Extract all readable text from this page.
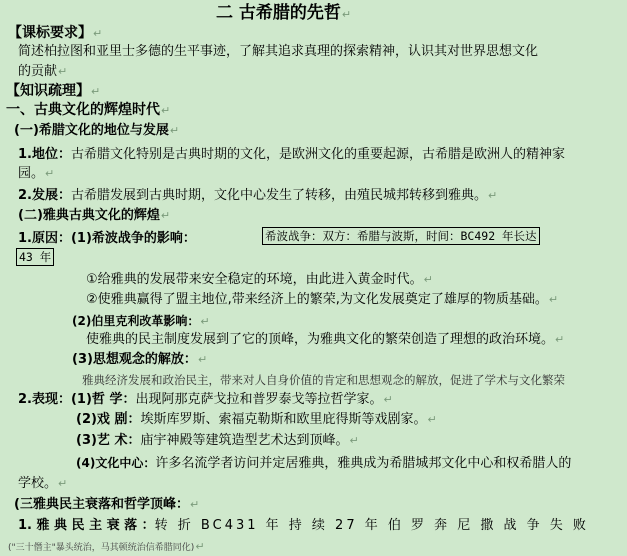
二 古希腊的先哲↵
【课标要求】↵
简述柏拉图和亚里士多德的生平事迹，了解其追求真理的探索精神，认识其对世界思想文化
的贡献↵
【知识疏理】↵
一、古典文化的辉煌时代↵
(一)希腊文化的地位与发展↵
1.地位：古希腊文化特别是古典时期的文化，是欧洲文化的重要起源，古希腊是欧洲人的精神家
园。↵
2.发展：古希腊发展到古典时期，文化中心发生了转移，由殖民城邦转移到雅典。↵
(二)雅典古典文化的辉煌↵
1.原因：(1)希波战争的影响：	希波战争：双方：希腊与波斯，时间：BC492 年长达
43 年
①给雅典的发展带来安全稳定的环境，由此进入黄金时代。↵
②使雅典赢得了盟主地位,带来经济上的繁荣,为文化发展奠定了雄厚的物质基础。↵
(2)伯里克利改革影响：↵
使雅典的民主制度发展到了它的顶峰，为雅典文化的繁荣创造了理想的政治环境。↵
(3)思想观念的解放：↵
雅典经济发展和政治民主，带来对人自身价值的肯定和思想观念的解放，促进了学术与文化繁荣
2.表现：(1)哲 学：出现阿那克萨戈拉和普罗泰戈等拉哲学家。↵
(2)戏 剧：埃斯库罗斯、索福克勒斯和欧里庇得斯等戏剧家。↵
(3)艺 术：庙宇神殿等建筑造型艺术达到顶峰。↵
(4)文化中心：许多名流学者访问并定居雅典，雅典成为希腊城邦文化中心和权希腊人的
学校。↵
(三雅典民主衰落和哲学顶峰：↵
1. 雅 典 民 主 衰 落 ：转 折 BC431 年 持 续 27 年 伯 罗 奔 尼 撒 战 争 失 败
("三十僭主"暴头统治，马其顿统治信希腊同化)↵
